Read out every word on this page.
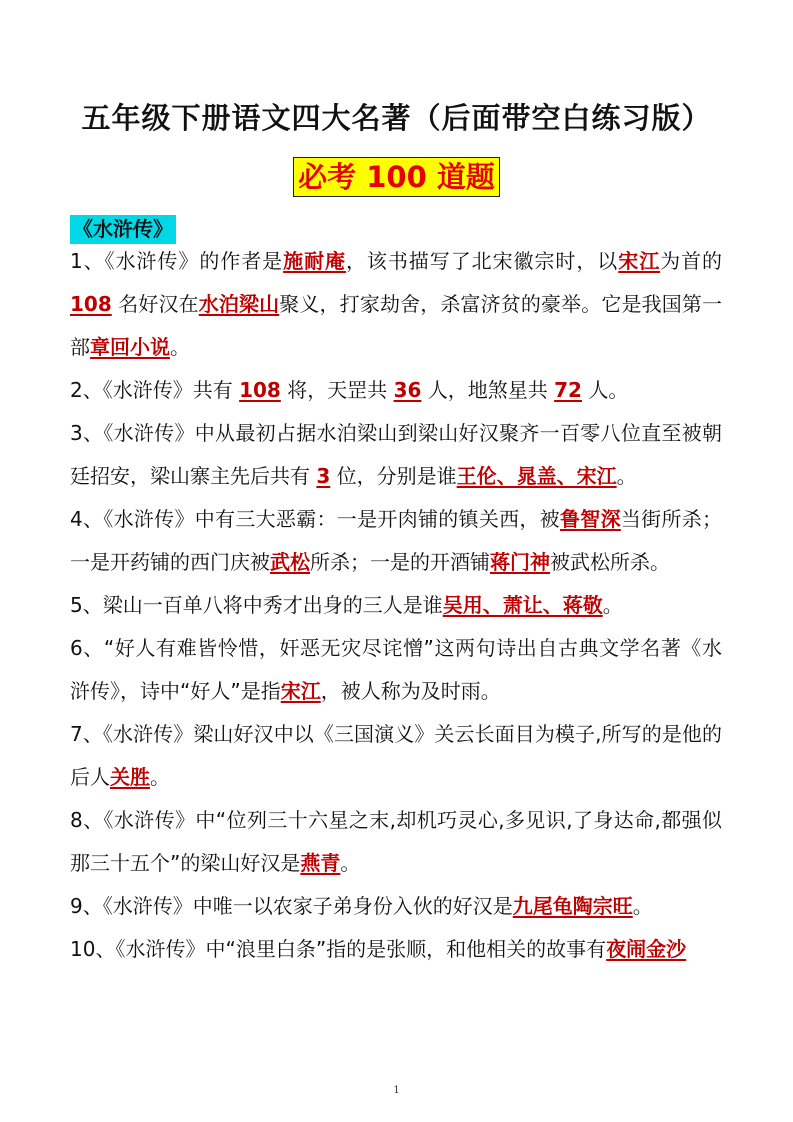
五年级下册语文四大名著（后面带空白练习版）
必考 100 道题
《水浒传》

1、《水浒传》的作者是施耐庵，该书描写了北宋徽宗时，以宋江为首的 108 名好汉在水泊梁山聚义，打家劫舍，杀富济贫的豪举。它是我国第一部章回小说。

2、《水浒传》共有 108 将，天罡共 36 人，地煞星共 72 人。

3、《水浒传》中从最初占据水泊梁山到梁山好汉聚齐一百零八位直至被朝廷招安，梁山寨主先后共有 3 位，分别是谁王伦、晁盖、宋江。

4、《水浒传》中有三大恶霸：一是开肉铺的镇关西，被鲁智深当街所杀；一是开药铺的西门庆被武松所杀；一是的开酒铺蒋门神被武松所杀。

5、梁山一百单八将中秀才出身的三人是谁吴用、萧让、蒋敬。

6、“好人有难皆怜惜，奸恶无灾尽诧憎”这两句诗出自古典文学名著《水浒传》，诗中“好人”是指宋江，被人称为及时雨。

7、《水浒传》梁山好汉中以《三国演义》关云长面目为模子,所写的是他的后人关胜。

8、《水浒传》中“位列三十六星之末,却机巧灵心,多见识,了身达命,都强似那三十五个”的梁山好汉是燕青。

9、《水浒传》中唯一以农家子弟身份入伙的好汉是九尾龟陶宗旺。

10、《水浒传》中“浪里白条”指的是张顺，和他相关的故事有夜闹金沙

1
